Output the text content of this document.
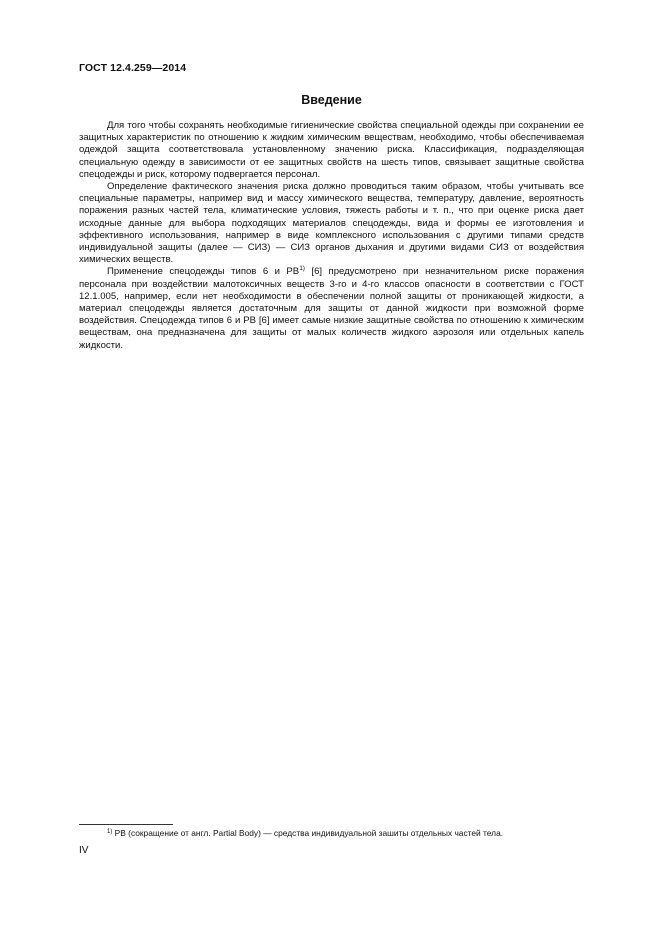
ГОСТ 12.4.259—2014
Введение

Для того чтобы сохранять необходимые гигиенические свойства специальной одежды при сохранении ее защитных характеристик по отношению к жидким химическим веществам, необходимо, чтобы обеспечиваемая одеждой защита соответствовала установленному значению риска. Классификация, подразделяющая специальную одежду в зависимости от ее защитных свойств на шесть типов, связывает защитные свойства спецодежды и риск, которому подвергается персонал.

Определение фактического значения риска должно проводиться таким образом, чтобы учитывать все специальные параметры, например вид и массу химического вещества, температуру, давление, вероятность поражения разных частей тела, климатические условия, тяжесть работы и т. п., что при оценке риска дает исходные данные для выбора подходящих материалов спецодежды, вида и формы ее изготовления и эффективного использования, например в виде комплексного использования с другими типами средств индивидуальной защиты (далее — СИЗ) — СИЗ органов дыхания и другими видами СИЗ от воздействия химических веществ.

Применение спецодежды типов 6 и РВ$^{1)}$ [6] предусмотрено при незначительном риске поражения персонала при воздействии малотоксичных веществ 3-го и 4-го классов опасности в соответствии с ГОСТ 12.1.005, например, если нет необходимости в обеспечении полной защиты от проникающей жидкости, а материал спецодежды является достаточным для защиты от данной жидкости при возможной форме воздействия. Спецодежда типов 6 и РВ [6] имеет самые низкие защитные свойства по отношению к химическим веществам, она предназначена для защиты от малых количеств жидкого аэрозоля или отдельных капель жидкости.

$^{1)}$ РВ (сокращение от англ. Partial Body) — средства индивидуальной зашиты отдельных частей тела.
IV
